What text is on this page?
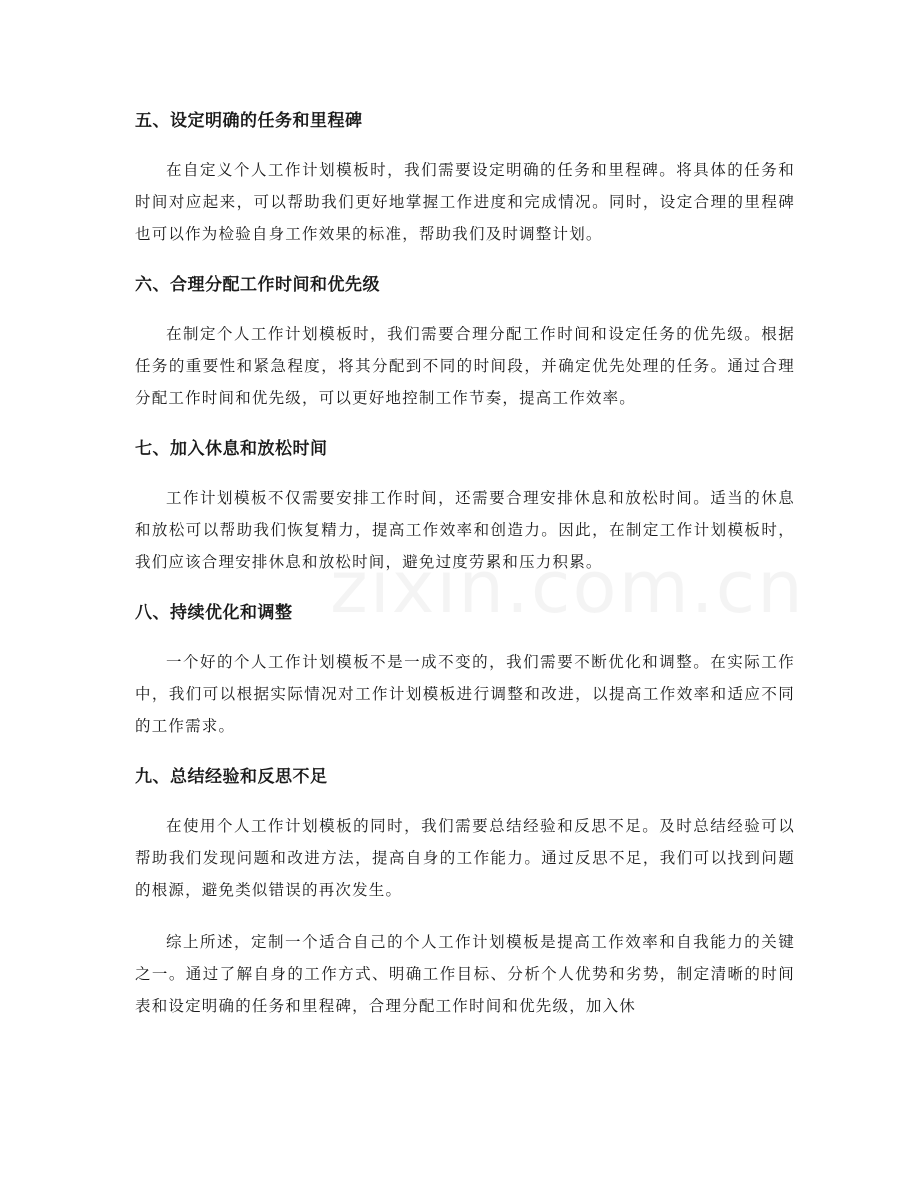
五、设定明确的任务和里程碑

在自定义个人工作计划模板时，我们需要设定明确的任务和里程碑。将具体的任务和时间对应起来，可以帮助我们更好地掌握工作进度和完成情况。同时，设定合理的里程碑也可以作为检验自身工作效果的标准，帮助我们及时调整计划。

六、合理分配工作时间和优先级

在制定个人工作计划模板时，我们需要合理分配工作时间和设定任务的优先级。根据任务的重要性和紧急程度，将其分配到不同的时间段，并确定优先处理的任务。通过合理分配工作时间和优先级，可以更好地控制工作节奏，提高工作效率。

七、加入休息和放松时间

工作计划模板不仅需要安排工作时间，还需要合理安排休息和放松时间。适当的休息和放松可以帮助我们恢复精力，提高工作效率和创造力。因此，在制定工作计划模板时，我们应该合理安排休息和放松时间，避免过度劳累和压力积累。

八、持续优化和调整

一个好的个人工作计划模板不是一成不变的，我们需要不断优化和调整。在实际工作中，我们可以根据实际情况对工作计划模板进行调整和改进，以提高工作效率和适应不同的工作需求。

九、总结经验和反思不足

在使用个人工作计划模板的同时，我们需要总结经验和反思不足。及时总结经验可以帮助我们发现问题和改进方法，提高自身的工作能力。通过反思不足，我们可以找到问题的根源，避免类似错误的再次发生。

综上所述，定制一个适合自己的个人工作计划模板是提高工作效率和自我能力的关键之一。通过了解自身的工作方式、明确工作目标、分析个人优势和劣势，制定清晰的时间表和设定明确的任务和里程碑，合理分配工作时间和优先级，加入休
